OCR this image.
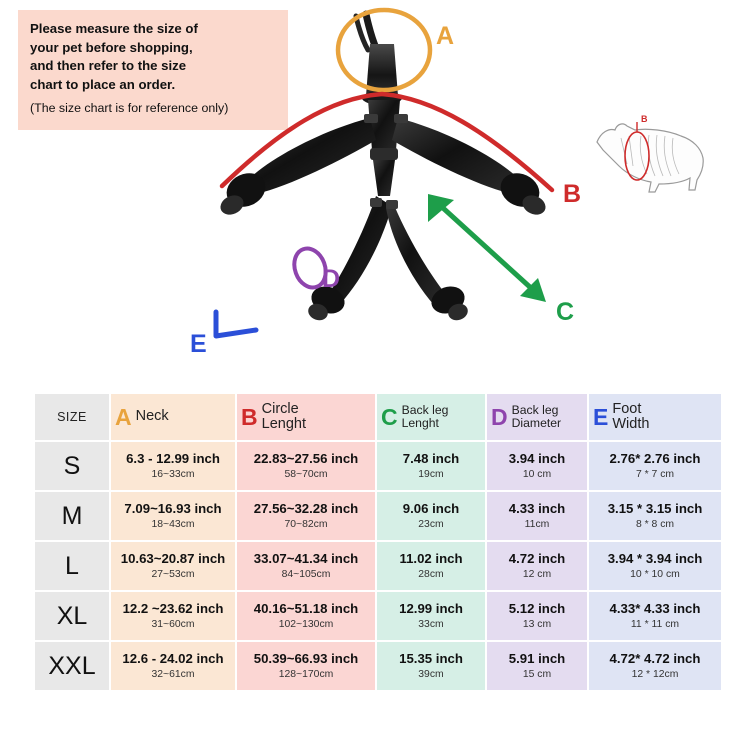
Please measure the size of
your pet before shopping,
and then refer to the size
chart to place an order.
(The size chart is for reference only)
B
A
B
C
D
E
SIZE	A Neck	B Circle
Lenght	C Back leg
Lenght	D Back leg
Diameter	E Foot
Width

S	6.3 - 12.99 inch
16~33cm	22.83~27.56 inch
58~70cm	7.48 inch
19cm	3.94 inch
10 cm	2.76* 2.76 inch
7 * 7 cm

M	7.09~16.93 inch
18~43cm	27.56~32.28 inch
70~82cm	9.06 inch
23cm	4.33 inch
11cm	3.15 * 3.15 inch
8 * 8 cm

L	10.63~20.87 inch
27~53cm	33.07~41.34 inch
84~105cm	11.02 inch
28cm	4.72 inch
12 cm	3.94 * 3.94 inch
10 * 10 cm

XL	12.2 ~23.62 inch
31~60cm	40.16~51.18 inch
102~130cm	12.99 inch
33cm	5.12 inch
13 cm	4.33* 4.33 inch
11 * 11 cm

XXL	12.6 - 24.02 inch
32~61cm	50.39~66.93 inch
128~170cm	15.35 inch
39cm	5.91 inch
15 cm	4.72* 4.72 inch
12 * 12cm
